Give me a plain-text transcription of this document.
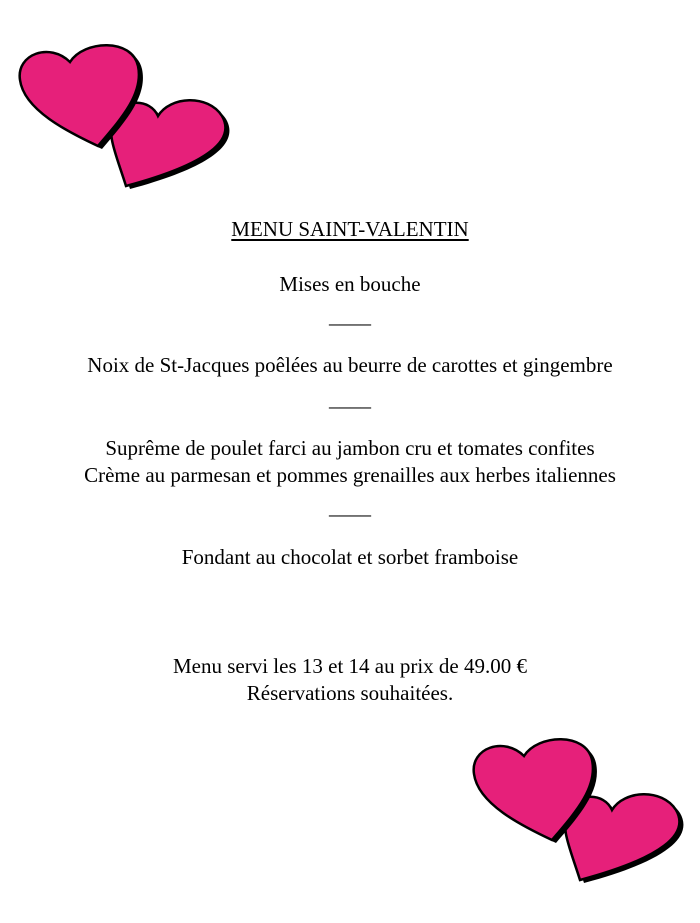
MENU SAINT-VALENTIN
Mises en bouche
____
Noix de St-Jacques poêlées au beurre de carottes et gingembre
____
Suprême de poulet farci au jambon cru et tomates confites
Crème au parmesan et pommes grenailles aux herbes italiennes
____
Fondant au chocolat et sorbet framboise
Menu servi les 13 et 14 au prix de 49.00 €
Réservations souhaitées.
